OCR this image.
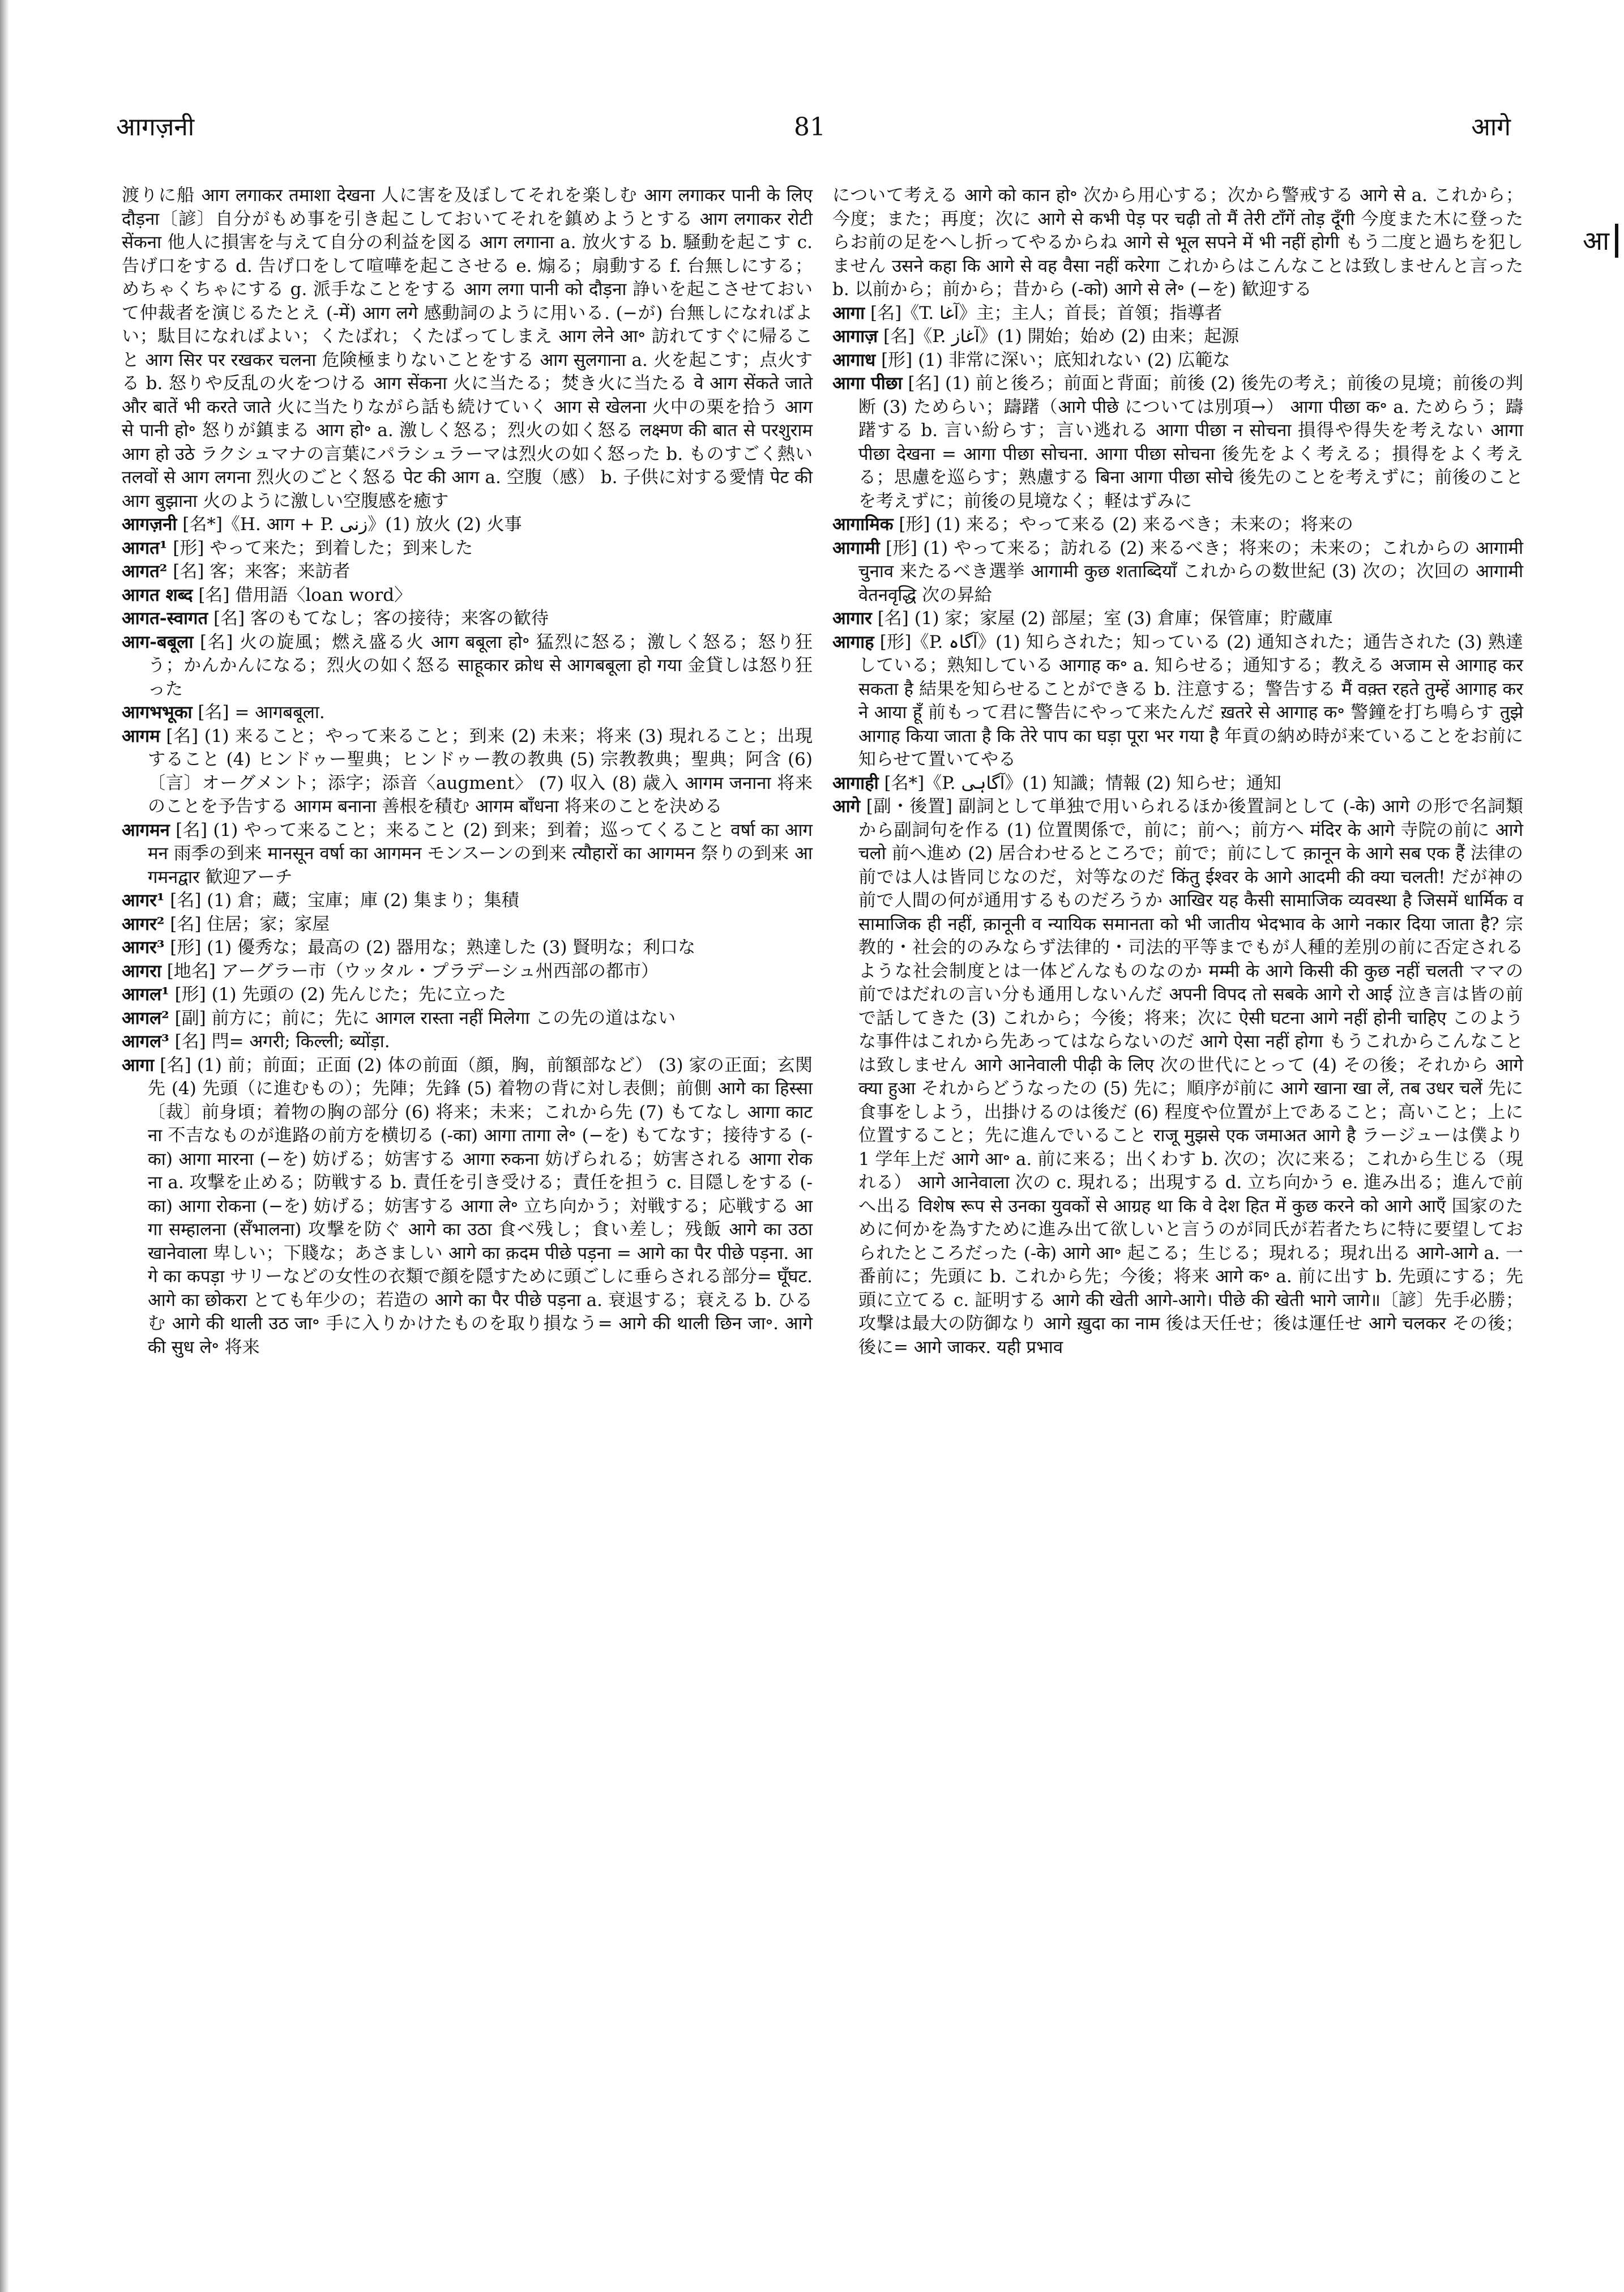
आगज़नी	81	आगे
आ

渡りに船 आग लगाकर तमाशा देखना 人に害を及ぼしてそれを楽しむ आग लगाकर पानी के लिए दौड़ना〔諺〕自分がもめ事を引き起こしておいてそれを鎮めようとする आग लगाकर रोटी सेंकना 他人に損害を与えて自分の利益を図る आग लगाना a. 放火する b. 騒動を起こす c. 告げ口をする d. 告げ口をして喧嘩を起こさせる e. 煽る；扇動する f. 台無しにする；めちゃくちゃにする g. 派手なことをする आग लगा पानी को दौड़ना 諍いを起こさせておいて仲裁者を演じるたとえ (-में) आग लगे 感動詞のように用いる. (−が) 台無しになればよい；駄目になればよい；くたばれ；くたばってしまえ आग लेने आ॰ 訪れてすぐに帰ること आग सिर पर रखकर चलना 危険極まりないことをする आग सुलगाना a. 火を起こす；点火する b. 怒りや反乱の火をつける आग सेंकना 火に当たる；焚き火に当たる वे आग सेंकते जाते और बातें भी करते जाते 火に当たりながら話も続けていく आग से खेलना 火中の栗を拾う आग से पानी हो॰ 怒りが鎮まる आग हो॰ a. 激しく怒る；烈火の如く怒る लक्ष्मण की बात से परशुराम आग हो उठे ラクシュマナの言葉にパラシュラーマは烈火の如く怒った b. ものすごく熱い तलवों से आग लगना 烈火のごとく怒る पेट की आग a. 空腹（感） b. 子供に対する愛情 पेट की आग बुझाना 火のように激しい空腹感を癒す

आगज़नी [名*]《H. आग + P. زنی》(1) 放火 (2) 火事

आगत¹ [形] やって来た；到着した；到来した

आगत² [名] 客；来客；来訪者

आगत शब्द [名] 借用語〈loan word〉

आगत-स्वागत [名] 客のもてなし；客の接待；来客の歓待

आग-बबूला [名] 火の旋風；燃え盛る火 आग बबूला हो॰ 猛烈に怒る；激しく怒る；怒り狂う；かんかんになる；烈火の如く怒る साहूकार क्रोध से आगबबूला हो गया 金貸しは怒り狂った

आगभभूका [名] = आगबबूला.

आगम [名] (1) 来ること；やって来ること；到来 (2) 未来；将来 (3) 現れること；出現すること (4) ヒンドゥー聖典；ヒンドゥー教の教典 (5) 宗教教典；聖典；阿含 (6)〔言〕オーグメント；添字；添音〈augment〉 (7) 収入 (8) 歳入 आगम जनाना 将来のことを予告する आगम बनाना 善根を積む आगम बाँधना 将来のことを決める

आगमन [名] (1) やって来ること；来ること (2) 到来；到着；巡ってくること वर्षा का आगमन 雨季の到来 मानसून वर्षा का आगमन モンスーンの到来 त्यौहारों का आगमन 祭りの到来 आगमनद्वार 歓迎アーチ

आगर¹ [名] (1) 倉；蔵；宝庫；庫 (2) 集まり；集積

आगर² [名] 住居；家；家屋

आगर³ [形] (1) 優秀な；最高の (2) 器用な；熟達した (3) 賢明な；利口な

आगरा [地名] アーグラー市（ウッタル・プラデーシュ州西部の都市）

आगल¹ [形] (1) 先頭の (2) 先んじた；先に立った

आगल² [副] 前方に；前に；先に आगल रास्ता नहीं मिलेगा この先の道はない

आगल³ [名] 閂= अगरी; किल्ली; ब्योंड़ा.

आगा [名] (1) 前；前面；正面 (2) 体の前面（顔，胸，前額部など） (3) 家の正面；玄関先 (4) 先頭（に進むもの）；先陣；先鋒 (5) 着物の背に対し表側；前側 आगे का हिस्सा〔裁〕前身頃；着物の胸の部分 (6) 将来；未来；これから先 (7) もてなし आगा काटना 不吉なものが進路の前方を横切る (-का) आगा तागा ले॰ (−を) もてなす；接待する (-का) आगा मारना (−を) 妨げる；妨害する आगा रुकना 妨げられる；妨害される आगा रोकना a. 攻撃を止める；防戦する b. 責任を引き受ける；責任を担う c. 目隠しをする (-का) आगा रोकना (−を) 妨げる；妨害する आगा ले॰ 立ち向かう；対戦する；応戦する आगा सम्हालना (सँभालना) 攻撃を防ぐ आगे का उठा 食べ残し；食い差し；残飯 आगे का उठा खानेवाला 卑しい；下賤な；あさましい आगे का क़दम पीछे पड़ना = आगे का पैर पीछे पड़ना. आगे का कपड़ा サリーなどの女性の衣類で顔を隠すために頭ごしに垂らされる部分= घूँघट. आगे का छोकरा とても年少の；若造の आगे का पैर पीछे पड़ना a. 衰退する；衰える b. ひるむ आगे की थाली उठ जा॰ 手に入りかけたものを取り損なう= आगे की थाली छिन जा॰. आगे की सुध ले॰ 将来

について考える आगे को कान हो॰ 次から用心する；次から警戒する आगे से a. これから；今度；また；再度；次に आगे से कभी पेड़ पर चढ़ी तो मैं तेरी टाँगें तोड़ दूँगी 今度また木に登ったらお前の足をへし折ってやるからね आगे से भूल सपने में भी नहीं होगी もう二度と過ちを犯しません उसने कहा कि आगे से वह वैसा नहीं करेगा これからはこんなことは致しませんと言った b. 以前から；前から；昔から (-को) आगे से ले॰ (−を) 歓迎する

आगा [名]《T. آغا》主；主人；首長；首領；指導者

आगाज़ [名]《P. آغاز》(1) 開始；始め (2) 由来；起源

आगाध [形] (1) 非常に深い；底知れない (2) 広範な

आगा पीछा [名] (1) 前と後ろ；前面と背面；前後 (2) 後先の考え；前後の見境；前後の判断 (3) ためらい；躊躇（आगे पीछे については別項→） आगा पीछा क॰ a. ためらう；躊躇する b. 言い紛らす；言い逃れる आगा पीछा न सोचना 損得や得失を考えない आगा पीछा देखना = आगा पीछा सोचना. आगा पीछा सोचना 後先をよく考える；損得をよく考える；思慮を巡らす；熟慮する बिना आगा पीछा सोचे 後先のことを考えずに；前後のことを考えずに；前後の見境なく；軽はずみに

आगामिक [形] (1) 来る；やって来る (2) 来るべき；未来の；将来の

आगामी [形] (1) やって来る；訪れる (2) 来るべき；将来の；未来の；これからの आगामी चुनाव 来たるべき選挙 आगामी कुछ शताब्दियाँ これからの数世紀 (3) 次の；次回の आगामी वेतनवृद्धि 次の昇給

आगार [名] (1) 家；家屋 (2) 部屋；室 (3) 倉庫；保管庫；貯蔵庫

आगाह [形]《P. آگاہ》(1) 知らされた；知っている (2) 通知された；通告された (3) 熟達している；熟知している आगाह क॰ a. 知らせる；通知する；教える अजाम से आगाह कर सकता है 結果を知らせることができる b. 注意する；警告する मैं वक़्त रहते तुम्हें आगाह करने आया हूँ 前もって君に警告にやって来たんだ ख़तरे से आगाह क॰ 警鐘を打ち鳴らす तुझे आगाह किया जाता है कि तेरे पाप का घड़ा पूरा भर गया है 年貢の納め時が来ていることをお前に知らせて置いてやる

आगाही [名*]《P. آگاہی》(1) 知識；情報 (2) 知らせ；通知

आगे [副・後置] 副詞として単独で用いられるほか後置詞として (-के) आगे の形で名詞類から副詞句を作る (1) 位置関係で，前に；前へ；前方へ मंदिर के आगे 寺院の前に आगे चलो 前へ進め (2) 居合わせるところで；前で；前にして क़ानून के आगे सब एक हैं 法律の前では人は皆同じなのだ，対等なのだ किंतु ईश्वर के आगे आदमी की क्या चलती! だが神の前で人間の何が通用するものだろうか आखिर यह कैसी सामाजिक व्यवस्था है जिसमें धार्मिक व सामाजिक ही नहीं, क़ानूनी व न्यायिक समानता को भी जातीय भेदभाव के आगे नकार दिया जाता है? 宗教的・社会的のみならず法律的・司法的平等までもが人種的差別の前に否定されるような社会制度とは一体どんなものなのか मम्मी के आगे किसी की कुछ नहीं चलती ママの前ではだれの言い分も通用しないんだ अपनी विपद तो सबके आगे रो आई 泣き言は皆の前で話してきた (3) これから；今後；将来；次に ऐसी घटना आगे नहीं होनी चाहिए このような事件はこれから先あってはならないのだ आगे ऐसा नहीं होगा もうこれからこんなことは致しません आगे आनेवाली पीढ़ी के लिए 次の世代にとって (4) その後；それから आगे क्या हुआ それからどうなったの (5) 先に；順序が前に आगे खाना खा लें, तब उधर चलें 先に食事をしよう，出掛けるのは後だ (6) 程度や位置が上であること；高いこと；上に位置すること；先に進んでいること राजू मुझसे एक जमाअत आगे है ラージューは僕より 1 学年上だ आगे आ॰ a. 前に来る；出くわす b. 次の；次に来る；これから生じる（現れる） आगे आनेवाला 次の c. 現れる；出現する d. 立ち向かう e. 進み出る；進んで前へ出る विशेष रूप से उनका युवकों से आग्रह था कि वे देश हित में कुछ करने को आगे आएँ 国家のために何かを為すために進み出て欲しいと言うのが同氏が若者たちに特に要望しておられたところだった (-के) आगे आ॰ 起こる；生じる；現れる；現れ出る आगे-आगे a. 一番前に；先頭に b. これから先；今後；将来 आगे क॰ a. 前に出す b. 先頭にする；先頭に立てる c. 証明する आगे की खेती आगे-आगे। पीछे की खेती भागे जागे॥〔諺〕先手必勝；攻撃は最大の防御なり आगे ख़ुदा का नाम 後は天任せ；後は運任せ आगे चलकर その後；後に= आगे जाकर. यही प्रभाव
